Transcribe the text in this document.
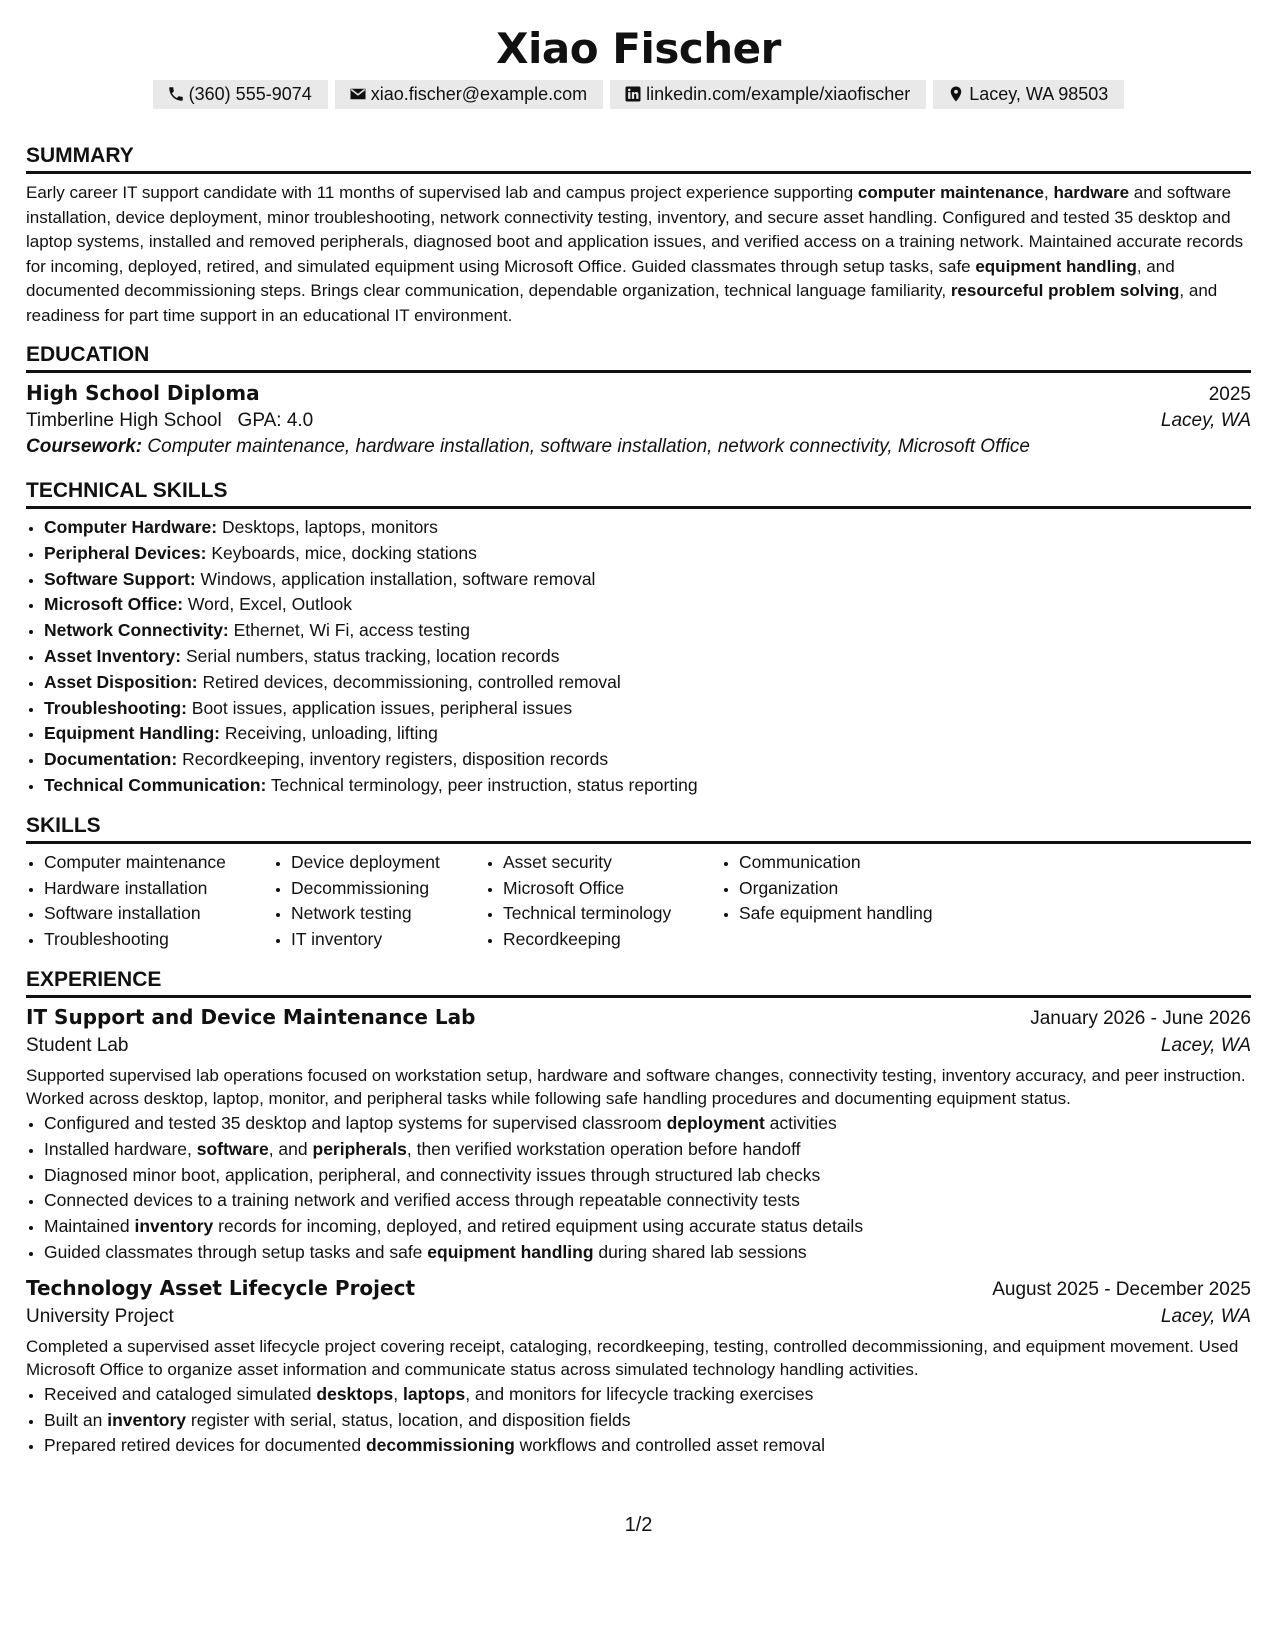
Xiao Fischer
(360) 555-9074	xiao.fischer@example.com	linkedin.com/example/xiaofischer	Lacey, WA 98503
SUMMARY

Early career IT support candidate with 11 months of supervised lab and campus project experience supporting computer maintenance, hardware and software installation, device deployment, minor troubleshooting, network connectivity testing, inventory, and secure asset handling. Configured and tested 35 desktop and laptop systems, installed and removed peripherals, diagnosed boot and application issues, and verified access on a training network. Maintained accurate records for incoming, deployed, retired, and simulated equipment using Microsoft Office. Guided classmates through setup tasks, safe equipment handling, and documented decommissioning steps. Brings clear communication, dependable organization, technical language familiarity, resourceful problem solving, and readiness for part time support in an educational IT environment.

EDUCATION
High School Diploma	2025
Timberline High School   GPA: 4.0	Lacey, WA

Coursework: Computer maintenance, hardware installation, software installation, network connectivity, Microsoft Office

TECHNICAL SKILLS
• Computer Hardware: Desktops, laptops, monitors
• Peripheral Devices: Keyboards, mice, docking stations
• Software Support: Windows, application installation, software removal
• Microsoft Office: Word, Excel, Outlook
• Network Connectivity: Ethernet, Wi Fi, access testing
• Asset Inventory: Serial numbers, status tracking, location records
• Asset Disposition: Retired devices, decommissioning, controlled removal
• Troubleshooting: Boot issues, application issues, peripheral issues
• Equipment Handling: Receiving, unloading, lifting
• Documentation: Recordkeeping, inventory registers, disposition records
• Technical Communication: Technical terminology, peer instruction, status reporting
SKILLS
• Computer maintenance
• Hardware installation
• Software installation
• Troubleshooting
• Device deployment
• Decommissioning
• Network testing
• IT inventory
• Asset security
• Microsoft Office
• Technical terminology
• Recordkeeping
• Communication
• Organization
• Safe equipment handling
EXPERIENCE
IT Support and Device Maintenance Lab	January 2026 - June 2026
Student Lab	Lacey, WA

Supported supervised lab operations focused on workstation setup, hardware and software changes, connectivity testing, inventory accuracy, and peer instruction. Worked across desktop, laptop, monitor, and peripheral tasks while following safe handling procedures and documenting equipment status.

• Configured and tested 35 desktop and laptop systems for supervised classroom deployment activities
• Installed hardware, software, and peripherals, then verified workstation operation before handoff
• Diagnosed minor boot, application, peripheral, and connectivity issues through structured lab checks
• Connected devices to a training network and verified access through repeatable connectivity tests
• Maintained inventory records for incoming, deployed, and retired equipment using accurate status details
• Guided classmates through setup tasks and safe equipment handling during shared lab sessions
Technology Asset Lifecycle Project	August 2025 - December 2025
University Project	Lacey, WA

Completed a supervised asset lifecycle project covering receipt, cataloging, recordkeeping, testing, controlled decommissioning, and equipment movement. Used Microsoft Office to organize asset information and communicate status across simulated technology handling activities.

• Received and cataloged simulated desktops, laptops, and monitors for lifecycle tracking exercises
• Built an inventory register with serial, status, location, and disposition fields
• Prepared retired devices for documented decommissioning workflows and controlled asset removal
1/2
